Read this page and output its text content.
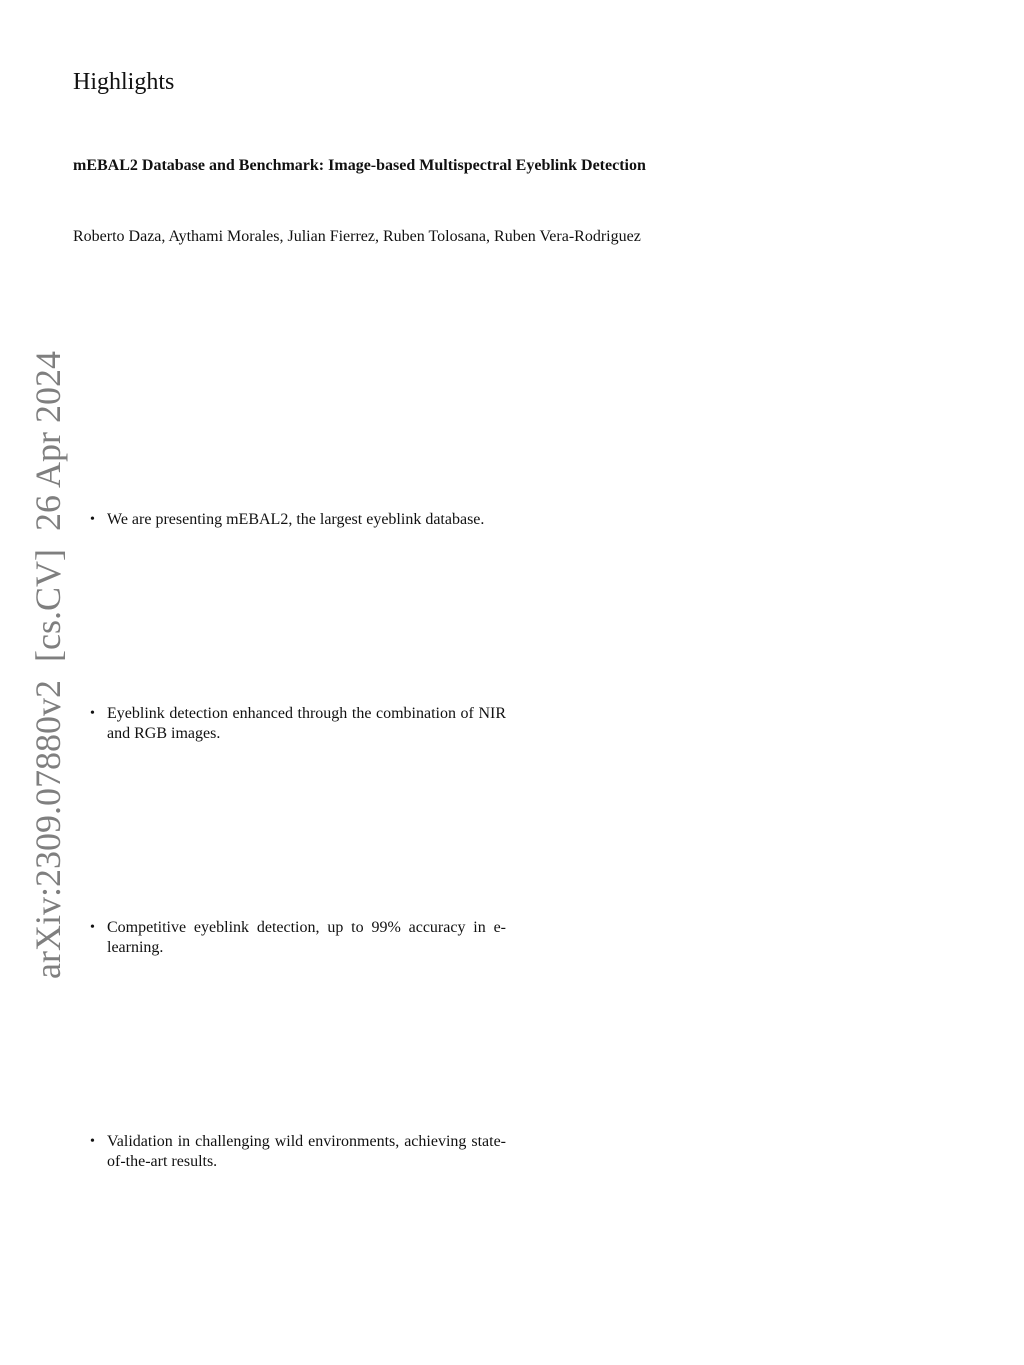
Highlights
mEBAL2 Database and Benchmark: Image-based Multispectral Eyeblink Detection

Roberto Daza, Aythami Morales, Julian Fierrez, Ruben Tolosana, Ruben Vera-Rodriguez

arXiv:2309.07880v2  [cs.CV]  26 Apr 2024 • We are presenting mEBAL2, the largest eyeblink database.
• Eyeblink detection enhanced through the combination of NIR and RGB images.
• Competitive eyeblink detection, up to 99% accuracy in e-learning.
• Validation in challenging wild environments, achieving state-of-the-art results.
